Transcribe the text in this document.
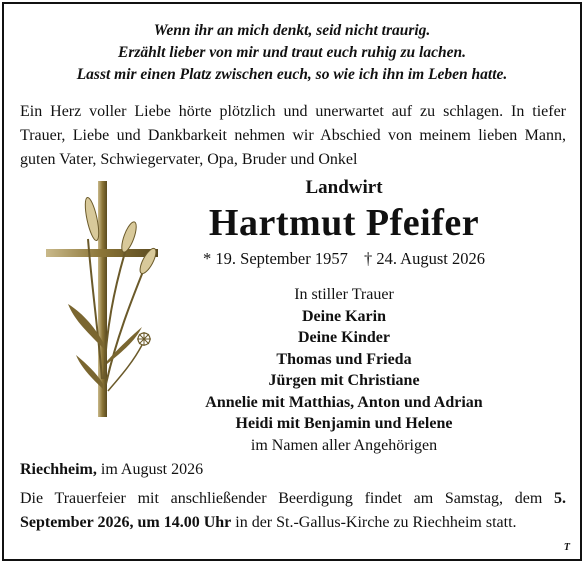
Wenn ihr an mich denkt, seid nicht traurig.
Erzählt lieber von mir und traut euch ruhig zu lachen.
Lasst mir einen Platz zwischen euch, so wie ich ihn im Leben hatte.
Ein Herz voller Liebe hörte plötzlich und unerwartet auf zu schlagen. In tiefer Trauer, Liebe und Dankbarkeit nehmen wir Abschied von meinem lieben Mann, guten Vater, Schwiegervater, Opa, Bruder und Onkel
Landwirt
Hartmut Pfeifer
* 19. September 1957 † 24. August 2026
In stiller Trauer
Deine Karin
Deine Kinder
Thomas und Frieda
Jürgen mit Christiane
Annelie mit Matthias, Anton und Adrian
Heidi mit Benjamin und Helene
im Namen aller Angehörigen
Riechheim, im August 2026
Die Trauerfeier mit anschließender Beerdigung findet am Samstag, dem 5. September 2026, um 14.00 Uhr in der St.-Gallus-Kirche zu Riechheim statt.
T
